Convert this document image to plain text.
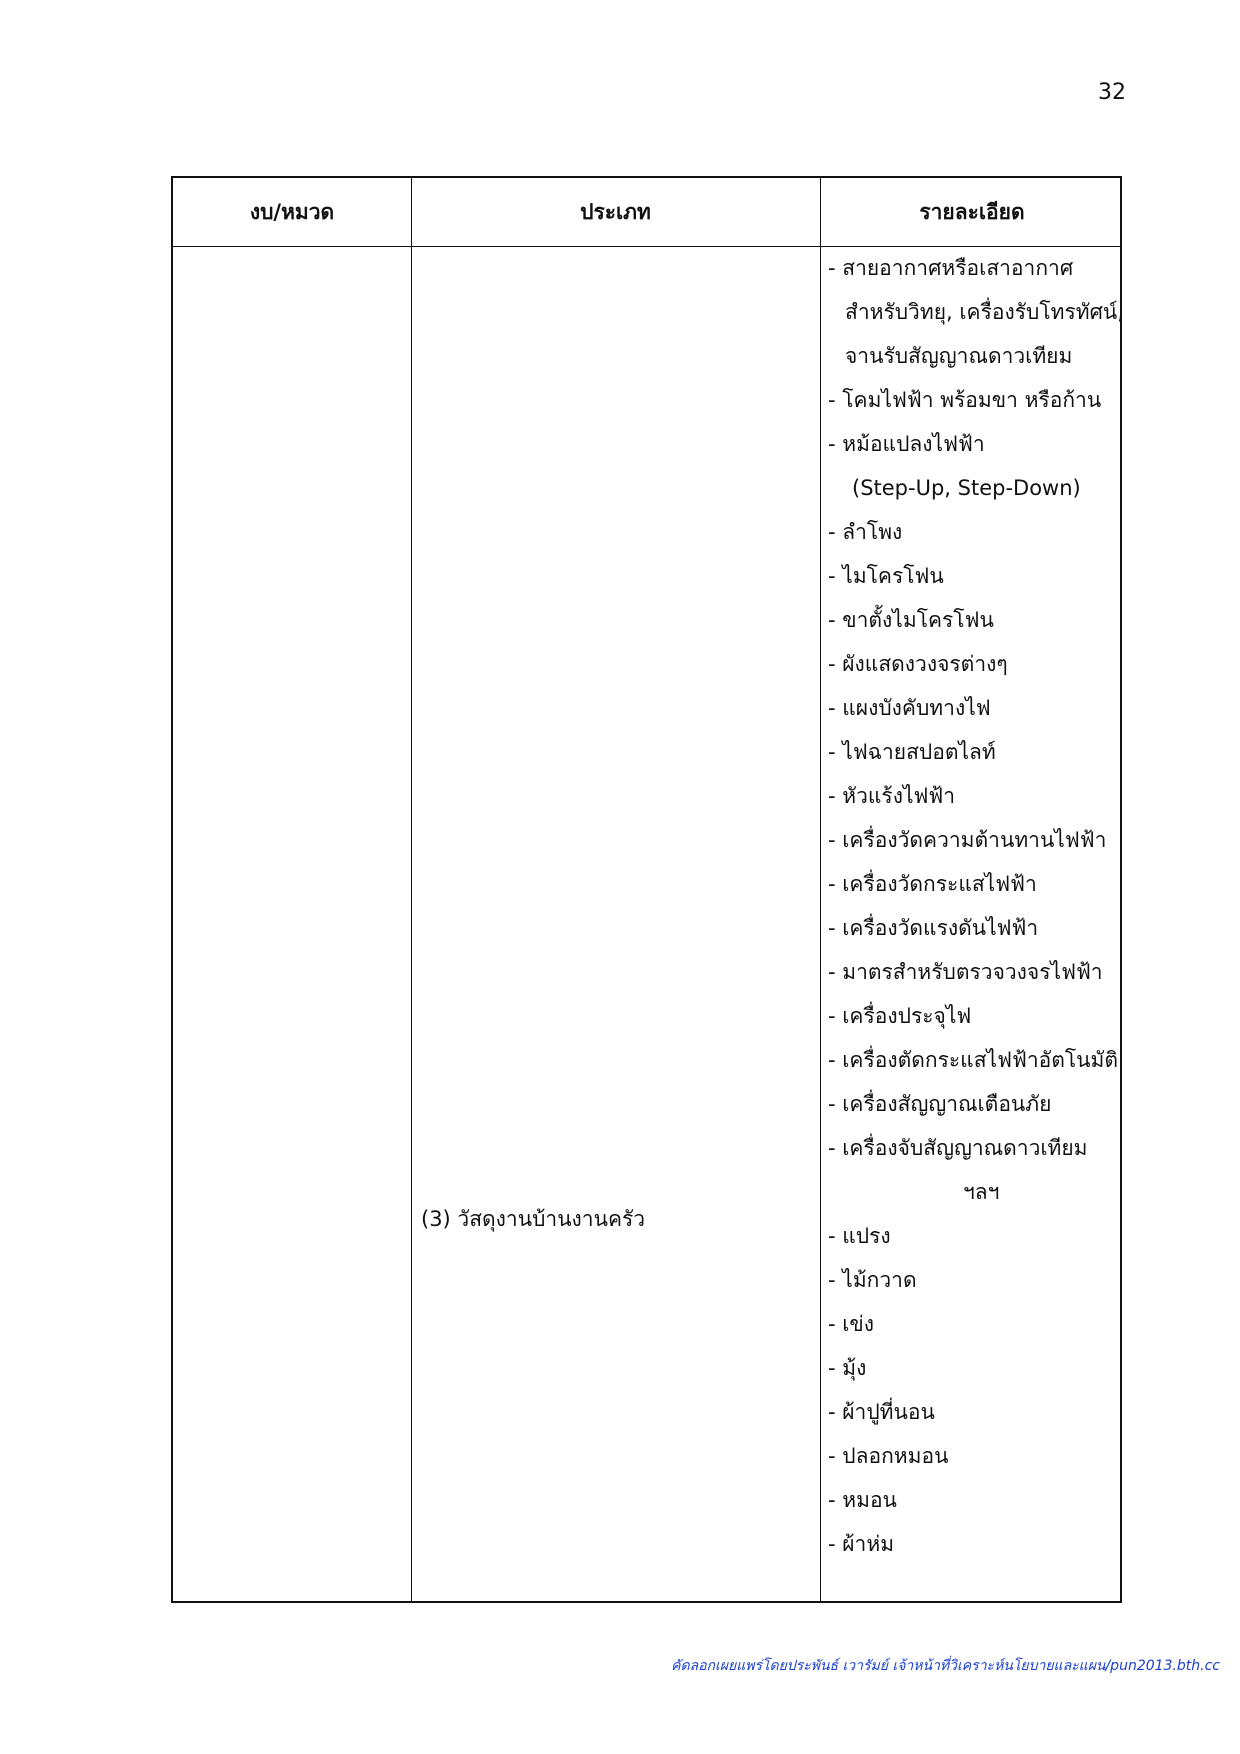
32
งบ/หมวด	ประเภท	รายละเอียด
(3) วัสดุงานบ้านงานครัว
- สายอากาศหรือเสาอากาศ
สำหรับวิทยุ, เครื่องรับโทรทัศน์,
จานรับสัญญาณดาวเทียม
- โคมไฟฟ้า พร้อมขา หรือก้าน
- หม้อแปลงไฟฟ้า
(Step-Up, Step-Down)
- ลำโพง
- ไมโครโฟน
- ขาตั้งไมโครโฟน
- ผังแสดงวงจรต่างๆ
- แผงบังคับทางไฟ
- ไฟฉายสปอตไลท์
- หัวแร้งไฟฟ้า
- เครื่องวัดความต้านทานไฟฟ้า
- เครื่องวัดกระแสไฟฟ้า
- เครื่องวัดแรงดันไฟฟ้า
- มาตรสำหรับตรวจวงจรไฟฟ้า
- เครื่องประจุไฟ
- เครื่องตัดกระแสไฟฟ้าอัตโนมัติ
- เครื่องสัญญาณเตือนภัย
- เครื่องจับสัญญาณดาวเทียม
ฯลฯ
- แปรง
- ไม้กวาด
- เข่ง
- มุ้ง
- ผ้าปูที่นอน
- ปลอกหมอน
- หมอน
- ผ้าห่ม
คัดลอกเผยแพร่โดยประพันธ์ เวารัมย์ เจ้าหน้าที่วิเคราะห์นโยบายและแผน/pun2013.bth.cc
